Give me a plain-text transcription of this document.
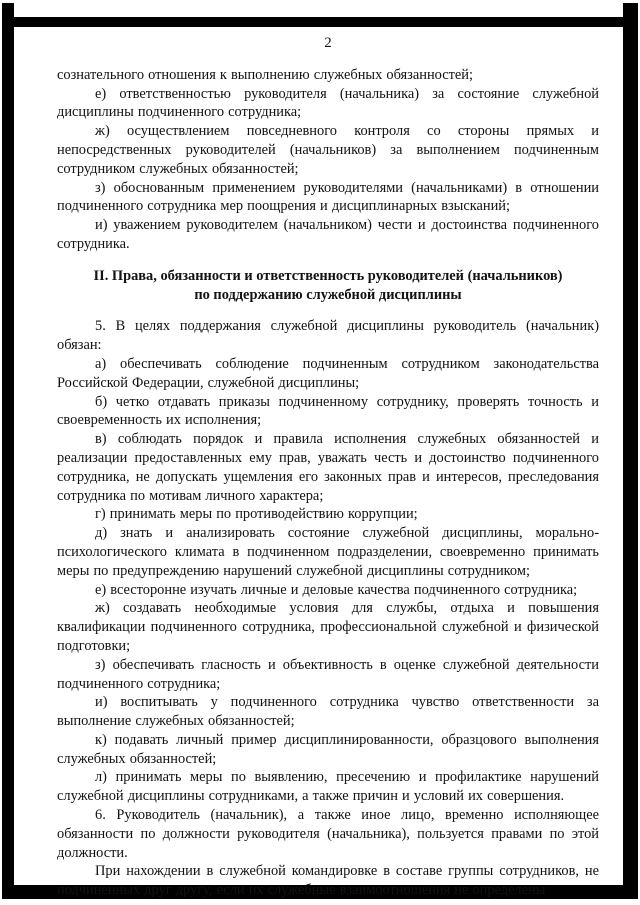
2

сознательного отношения к выполнению служебных обязанностей;

е) ответственностью руководителя (начальника) за состояние служебной дисциплины подчиненного сотрудника;

ж) осуществлением повседневного контроля со стороны прямых и непосредственных руководителей (начальников) за выполнением подчиненным сотрудником служебных обязанностей;

з) обоснованным применением руководителями (начальниками) в отношении подчиненного сотрудника мер поощрения и дисциплинарных взысканий;

и) уважением руководителем (начальником) чести и достоинства подчиненного сотрудника.

II. Права, обязанности и ответственность руководителей (начальников)
по поддержанию служебной дисциплины

5. В целях поддержания служебной дисциплины руководитель (начальник) обязан:

а) обеспечивать соблюдение подчиненным сотрудником законодательства Российской Федерации, служебной дисциплины;

б) четко отдавать приказы подчиненному сотруднику, проверять точность и своевременность их исполнения;

в) соблюдать порядок и правила исполнения служебных обязанностей и реализации предоставленных ему прав, уважать честь и достоинство подчиненного сотрудника, не допускать ущемления его законных прав и интересов, преследования сотрудника по мотивам личного характера;

г) принимать меры по противодействию коррупции;

д) знать и анализировать состояние служебной дисциплины, морально-психологического климата в подчиненном подразделении, своевременно принимать меры по предупреждению нарушений служебной дисциплины сотрудником;

е) всесторонне изучать личные и деловые качества подчиненного сотрудника;

ж) создавать необходимые условия для службы, отдыха и повышения квалификации подчиненного сотрудника, профессиональной служебной и физической подготовки;

з) обеспечивать гласность и объективность в оценке служебной деятельности подчиненного сотрудника;

и) воспитывать у подчиненного сотрудника чувство ответственности за выполнение служебных обязанностей;

к) подавать личный пример дисциплинированности, образцового выполнения служебных обязанностей;

л) принимать меры по выявлению, пресечению и профилактике нарушений служебной дисциплины сотрудниками, а также причин и условий их совершения.

6. Руководитель (начальник), а также иное лицо, временно исполняющее обязанности по должности руководителя (начальника), пользуется правами по этой должности.

При нахождении в служебной командировке в составе группы сотрудников, не подчиненных друг другу, если их служебные взаимоотношения не определены
